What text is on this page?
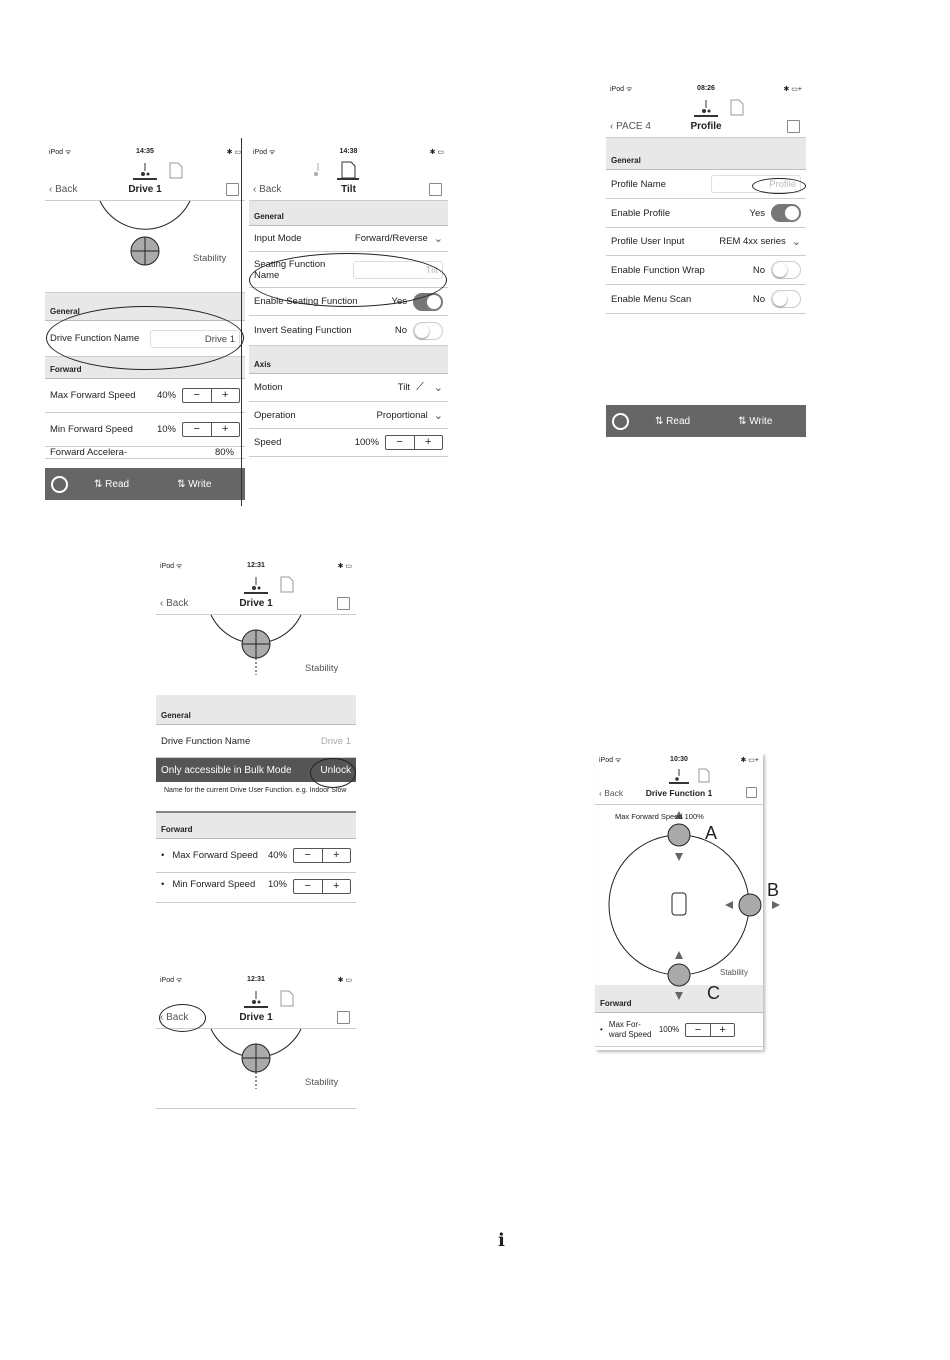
iPod ᯤ	14:35	✱ ▭
‹ Back	Drive 1
Stability
General
Drive Function Name	Drive 1
Forward
Max Forward Speed	40%	−	+
Min Forward Speed	10%	−	+
Forward Accelera-	80%
⇅ Read	⇅ Write
iPod ᯤ	14:38	✱ ▭
‹ Back	Tilt
General
Input Mode	Forward/Reverse ⌄
Seating Function Name	Tilt
Enable Seating Function	Yes
Invert Seating Function	No
Axis
Motion	Tilt ⟋ ⌄
Operation	Proportional ⌄
Speed	100%	−	+
iPod ᯤ	08:26	✱ ▭+
‹ PACE 4	Profile
General
Profile Name	Profile
Enable Profile	Yes
Profile User Input	REM 4xx series ⌄
Enable Function Wrap	No
Enable Menu Scan	No
⇅ Read	⇅ Write
iPod ᯤ	12:31	✱ ▭
‹ Back	Drive 1
Stability
General
Drive Function Name	Drive 1
Only accessible in Bulk Mode	Unlock
Name for the current Drive User Function. e.g. Indoor Slow
Forward
• Max Forward Speed	40%	−	+
• Min Forward Speed	10%	−	+
iPod ᯤ	12:31	✱ ▭
‹ Back	Drive 1
Stability
iPod ᯤ	10:30	✱ ▭+
‹ Back	Drive Function 1
Max Forward Speed 100%
A
B
C
Stability
Forward
•
Max For- ward Speed 100%	−	+
ℹ
